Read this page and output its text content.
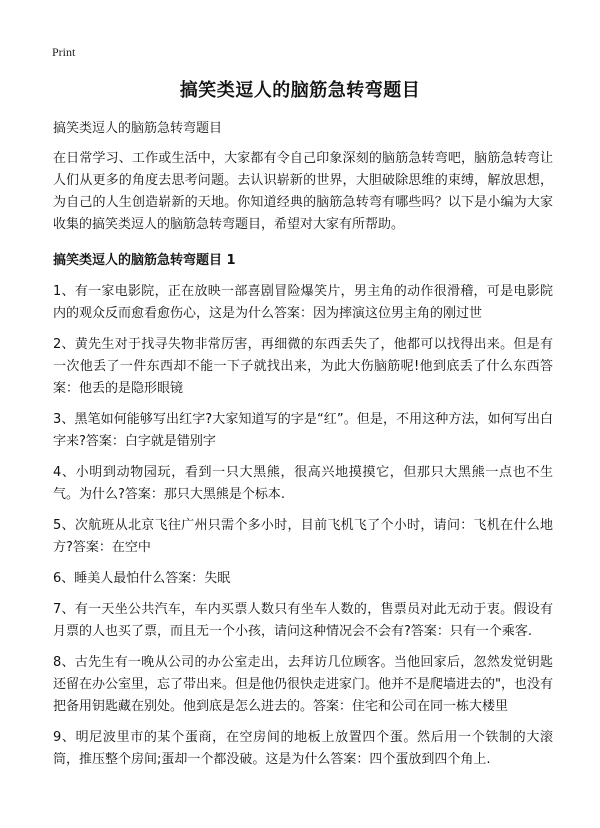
Print
搞笑类逗人的脑筋急转弯题目

搞笑类逗人的脑筋急转弯题目

在日常学习、工作或生活中，大家都有令自己印象深刻的脑筋急转弯吧，脑筋急转弯让人们从更多的角度去思考问题。去认识崭新的世界，大胆破除思维的束缚，解放思想，为自己的人生创造崭新的天地。你知道经典的脑筋急转弯有哪些吗？以下是小编为大家收集的搞笑类逗人的脑筋急转弯题目，希望对大家有所帮助。

搞笑类逗人的脑筋急转弯题目 1

1、有一家电影院，正在放映一部喜剧冒险爆笑片，男主角的动作很滑稽，可是电影院内的观众反而愈看愈伤心，这是为什么答案：因为摔演这位男主角的刚过世

2、黄先生对于找寻失物非常厉害，再细微的东西丢失了，他都可以找得出来。但是有一次他丢了一件东西却不能一下子就找出来，为此大伤脑筋呢!他到底丢了什么东西答案：他丢的是隐形眼镜

3、黑笔如何能够写出红字?大家知道写的字是“红”。但是，不用这种方法，如何写出白字来?答案：白字就是错别字

4、小明到动物园玩，看到一只大黑熊，很高兴地摸摸它，但那只大黑熊一点也不生气。为什么?答案：那只大黑熊是个标本.

5、次航班从北京飞往广州只需个多小时，目前飞机飞了个小时，请问：飞机在什么地方?答案：在空中

6、睡美人最怕什么答案：失眠

7、有一天坐公共汽车，车内买票人数只有坐车人数的，售票员对此无动于衷。假设有月票的人也买了票，而且无一个小孩，请问这种情况会不会有?答案：只有一个乘客.

8、古先生有一晚从公司的办公室走出，去拜访几位顾客。当他回家后，忽然发觉钥匙还留在办公室里，忘了带出来。但是他仍很快走进家门。他并不是爬墙进去的"，也没有把备用钥匙藏在别处。他到底是怎么进去的。答案：住宅和公司在同一栋大楼里

9、明尼波里市的某个蛋商，在空房间的地板上放置四个蛋。然后用一个铁制的大滚筒，推压整个房间;蛋却一个都没破。这是为什么答案：四个蛋放到四个角上.
